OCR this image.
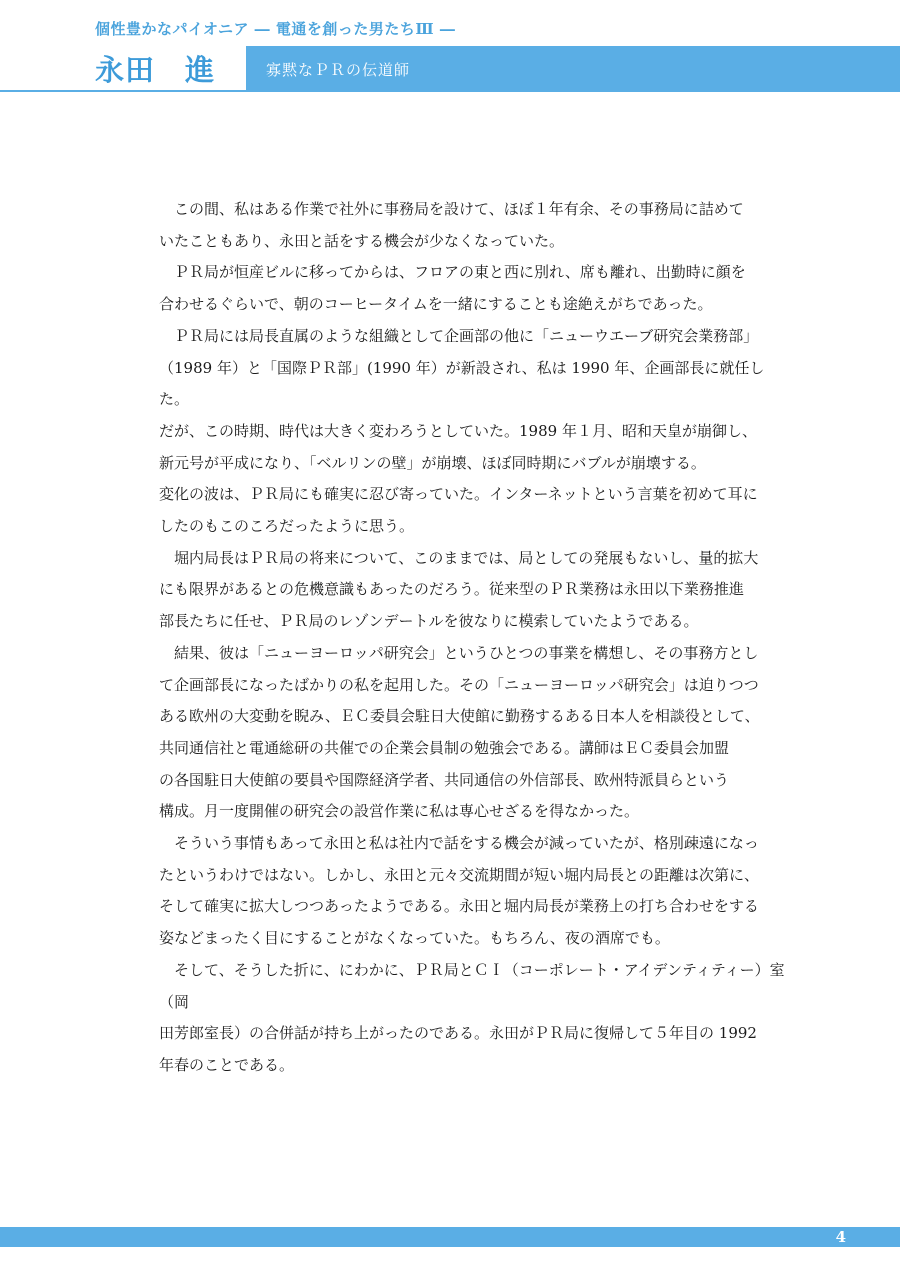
個性豊かなパイオニア ― 電通を創った男たちⅢ ―
永田　進	寡黙なＰＲの伝道師

　この間、私はある作業で社外に事務局を設けて、ほぼ１年有余、その事務局に詰めて

いたこともあり、永田と話をする機会が少なくなっていた。

　ＰＲ局が恒産ビルに移ってからは、フロアの東と西に別れ、席も離れ、出勤時に顔を

合わせるぐらいで、朝のコーヒータイムを一緒にすることも途絶えがちであった。

　ＰＲ局には局長直属のような組織として企画部の他に「ニューウエーブ研究会業務部」

（1989 年）と「国際ＰＲ部」(1990 年）が新設され、私は 1990 年、企画部長に就任した。

だが、この時期、時代は大きく変わろうとしていた。1989 年１月、昭和天皇が崩御し、

新元号が平成になり、「ベルリンの壁」が崩壊、ほぼ同時期にバブルが崩壊する。

変化の波は、ＰＲ局にも確実に忍び寄っていた。インターネットという言葉を初めて耳に

したのもこのころだったように思う。

　堀内局長はＰＲ局の将来について、このままでは、局としての発展もないし、量的拡大

にも限界があるとの危機意識もあったのだろう。従来型のＰＲ業務は永田以下業務推進

部長たちに任せ、ＰＲ局のレゾンデートルを彼なりに模索していたようである。

　結果、彼は「ニューヨーロッパ研究会」というひとつの事業を構想し、その事務方とし

て企画部長になったばかりの私を起用した。その「ニューヨーロッパ研究会」は迫りつつ

ある欧州の大変動を睨み、ＥＣ委員会駐日大使館に勤務するある日本人を相談役として、

共同通信社と電通総研の共催での企業会員制の勉強会である。講師はＥＣ委員会加盟

の各国駐日大使館の要員や国際経済学者、共同通信の外信部長、欧州特派員らという

構成。月一度開催の研究会の設営作業に私は専心せざるを得なかった。

　そういう事情もあって永田と私は社内で話をする機会が減っていたが、格別疎遠になっ

たというわけではない。しかし、永田と元々交流期間が短い堀内局長との距離は次第に、

そして確実に拡大しつつあったようである。永田と堀内局長が業務上の打ち合わせをする

姿などまったく目にすることがなくなっていた。もちろん、夜の酒席でも。

　そして、そうした折に、にわかに、ＰＲ局とＣＩ（コーポレート・アイデンティティー）室（岡

田芳郎室長）の合併話が持ち上がったのである。永田がＰＲ局に復帰して５年目の 1992

年春のことである。

4
